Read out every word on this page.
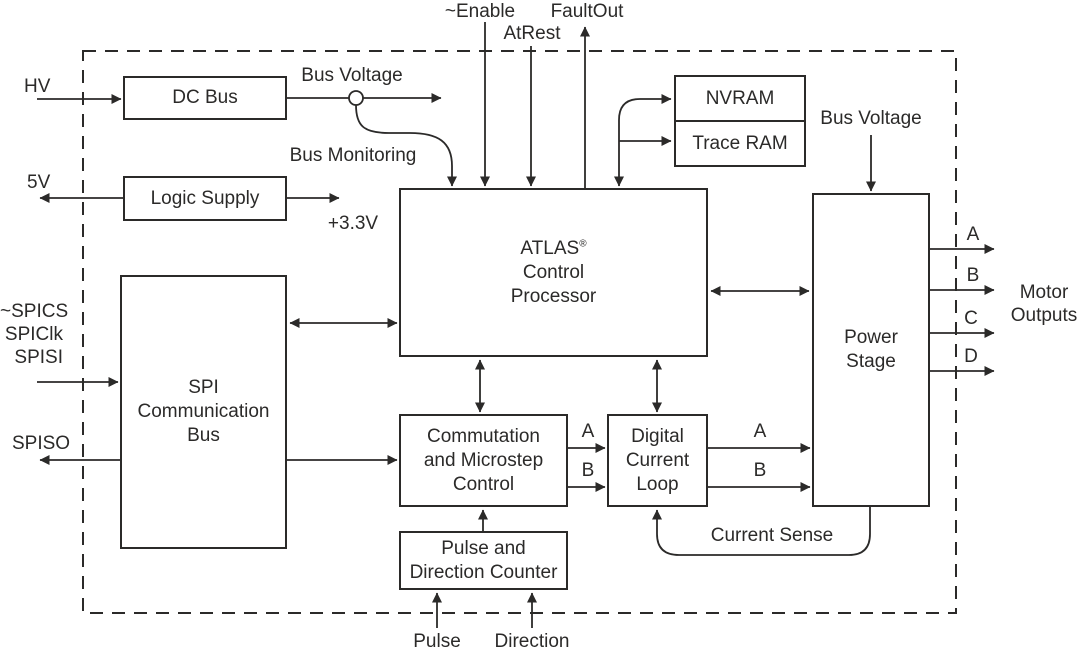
DC Bus
Logic Supply
SPI
Communication
Bus
ATLAS®
Control
Processor
NVRAM
Trace RAM
Power
Stage
Commutation
and Microstep
Control
Digital
Current
Loop
Pulse and
Direction Counter
HV
5V
~SPICS
SPIClk
SPISI
SPISO
~Enable
AtRest
FaultOut
Bus Voltage
Bus Monitoring
+3.3V
Bus Voltage
A
B
A
B
A
B
C
D
Motor
Outputs
Current Sense
Pulse Direction
